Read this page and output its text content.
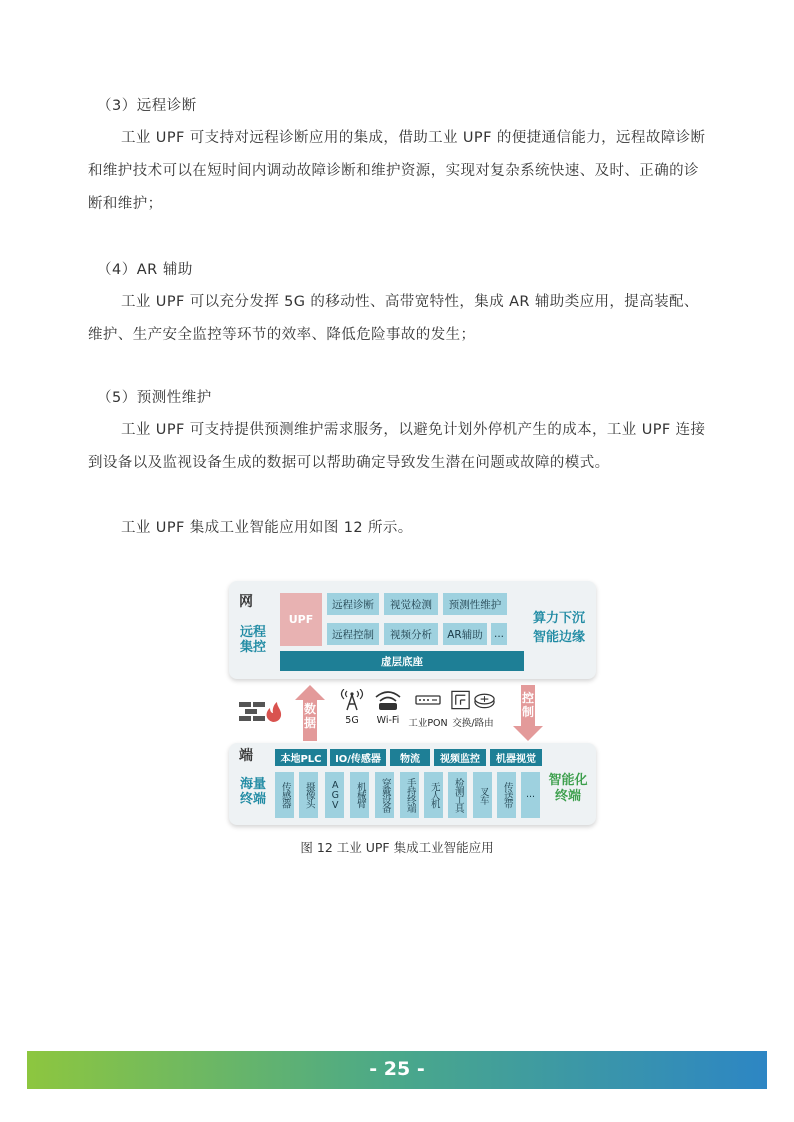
（3）远程诊断
工业 UPF 可支持对远程诊断应用的集成，借助工业 UPF 的便捷通信能力，远程故障诊断和维护技术可以在短时间内调动故障诊断和维护资源，实现对复杂系统快速、及时、正确的诊断和维护；
（4）AR 辅助
工业 UPF 可以充分发挥 5G 的移动性、高带宽特性，集成 AR 辅助类应用，提高装配、维护、生产安全监控等环节的效率、降低危险事故的发生；
（5）预测性维护
工业 UPF 可支持提供预测维护需求服务，以避免计划外停机产生的成本，工业 UPF 连接到设备以及监视设备生成的数据可以帮助确定导致发生潜在问题或故障的模式。
工业 UPF 集成工业智能应用如图 12 所示。
网
远程集控
UPF
远程诊断	视觉检测	预测性维护
远程控制	视频分析	AR辅助	...
虚层底座
算力下沉
智能边缘
数据	5G	Wi-Fi 工业PON 交换/路由
控制
端
海量终端
本地PLC	IO/传感器	物流	视频监控	机器视觉
传感器	摄像头	AGV	机械臂	穿戴设备	手持终端	无人机	检测工具	叉车	传送带	...
智能化终端
图 12 工业 UPF 集成工业智能应用
- 25 -
